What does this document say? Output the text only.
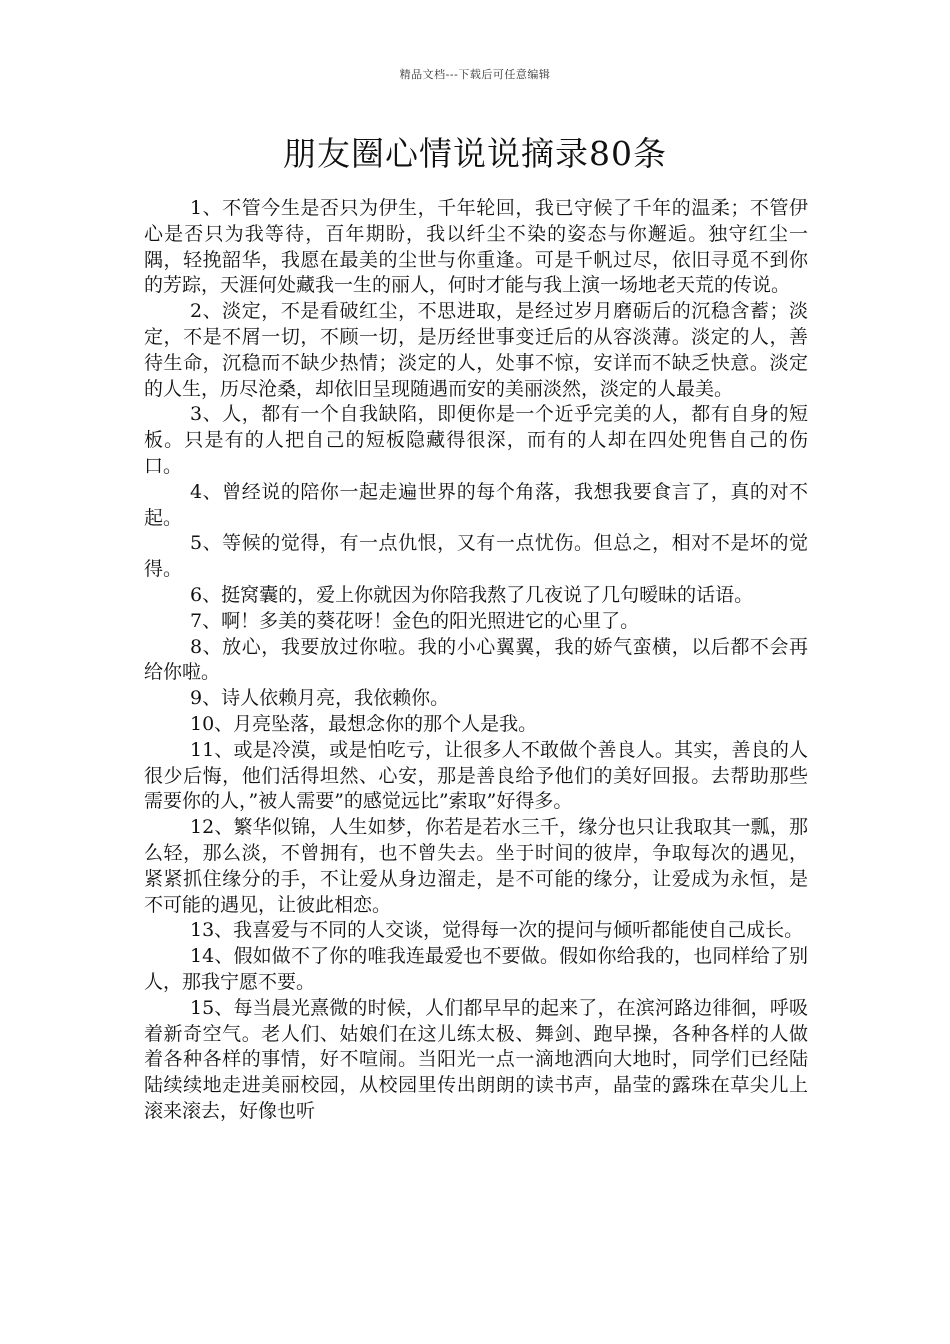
精品文档---下载后可任意编辑
朋友圈心情说说摘录80条

1、不管今生是否只为伊生，千年轮回，我已守候了千年的温柔；不管伊心是否只为我等待，百年期盼，我以纤尘不染的姿态与你邂逅。独守红尘一隅，轻挽韶华，我愿在最美的尘世与你重逢。可是千帆过尽，依旧寻觅不到你的芳踪，天涯何处藏我一生的丽人，何时才能与我上演一场地老天荒的传说。

2、淡定，不是看破红尘，不思进取，是经过岁月磨砺后的沉稳含蓄；淡定，不是不屑一切，不顾一切，是历经世事变迁后的从容淡薄。淡定的人，善待生命，沉稳而不缺少热情；淡定的人，处事不惊，安详而不缺乏快意。淡定的人生，历尽沧桑，却依旧呈现随遇而安的美丽淡然，淡定的人最美。

3、人，都有一个自我缺陷，即便你是一个近乎完美的人，都有自身的短板。只是有的人把自己的短板隐藏得很深，而有的人却在四处兜售自己的伤口。

4、曾经说的陪你一起走遍世界的每个角落，我想我要食言了，真的对不起。

5、等候的觉得，有一点仇恨，又有一点忧伤。但总之，相对不是坏的觉得。

6、挺窝囊的，爱上你就因为你陪我熬了几夜说了几句暧昧的话语。

7、啊！多美的葵花呀！金色的阳光照进它的心里了。

8、放心，我要放过你啦。我的小心翼翼，我的娇气蛮横，以后都不会再给你啦。

9、诗人依赖月亮，我依赖你。

10、月亮坠落，最想念你的那个人是我。

11、或是冷漠，或是怕吃亏，让很多人不敢做个善良人。其实，善良的人很少后悔，他们活得坦然、心安，那是善良给予他们的美好回报。去帮助那些需要你的人，”被人需要”的感觉远比”索取”好得多。

12、繁华似锦，人生如梦，你若是若水三千，缘分也只让我取其一瓢，那么轻，那么淡，不曾拥有，也不曾失去。坐于时间的彼岸，争取每次的遇见，紧紧抓住缘分的手，不让爱从身边溜走，是不可能的缘分，让爱成为永恒，是不可能的遇见，让彼此相恋。

13、我喜爱与不同的人交谈，觉得每一次的提问与倾听都能使自己成长。

14、假如做不了你的唯我连最爱也不要做。假如你给我的，也同样给了别人，那我宁愿不要。

15、每当晨光熹微的时候，人们都早早的起来了，在滨河路边徘徊，呼吸着新奇空气。老人们、姑娘们在这儿练太极、舞剑、跑早操，各种各样的人做着各种各样的事情，好不喧闹。当阳光一点一滴地洒向大地时，同学们已经陆陆续续地走进美丽校园，从校园里传出朗朗的读书声，晶莹的露珠在草尖儿上滚来滚去，好像也听
